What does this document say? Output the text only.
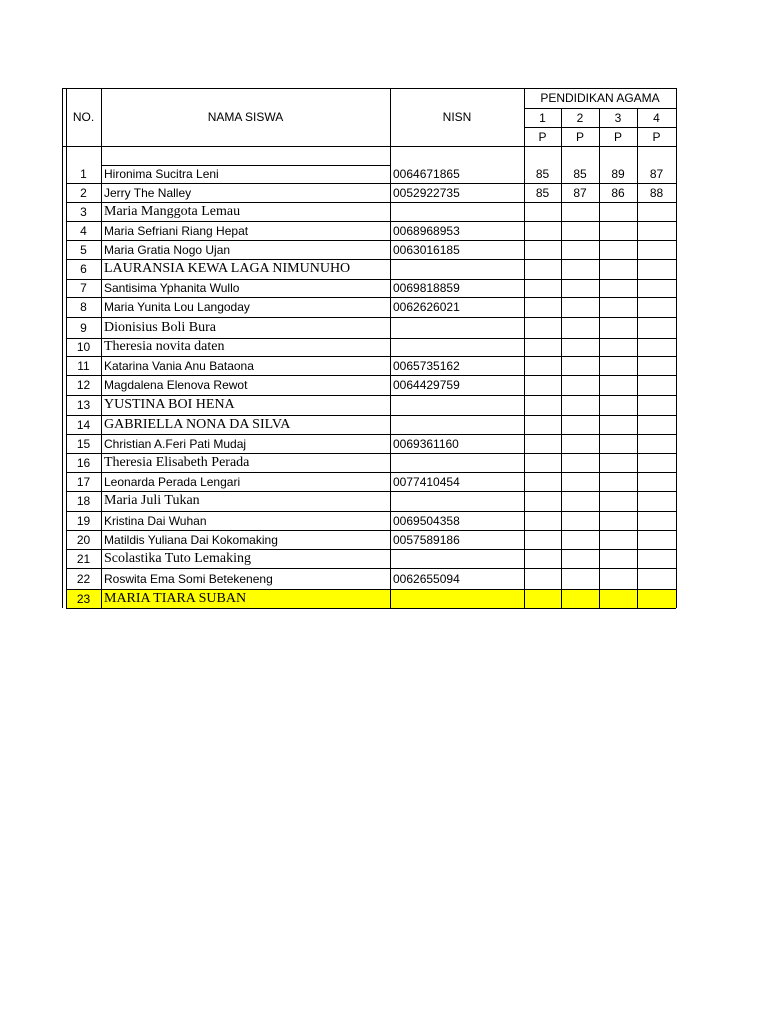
NO.	NAMA SISWA	NISN
PENDIDIKAN AGAMA
1	2	3	4
P	P	P	P
1	Hironima Sucitra Leni	0064671865	85	85	89	87
2	Jerry The Nalley	0052922735	85	87	86	88
3	Maria Manggota Lemau
4	Maria Sefriani Riang Hepat	0068968953
5	Maria Gratia Nogo Ujan	0063016185
6	LAURANSIA KEWA LAGA NIMUNUHO
7	Santisima Yphanita Wullo	0069818859
8	Maria Yunita Lou Langoday	0062626021
9	Dionisius Boli Bura
10 Theresia novita daten
11	Katarina Vania Anu Bataona	0065735162
12	Magdalena Elenova Rewot	0064429759
13 YUSTINA BOI HENA
14 GABRIELLA NONA DA SILVA
15	Christian A.Feri Pati Mudaj	0069361160
16 Theresia Elisabeth Perada
17	Leonarda Perada Lengari	0077410454
18 Maria Juli Tukan
19	Kristina Dai Wuhan	0069504358
20	Matildis Yuliana Dai Kokomaking	0057589186
21 Scolastika Tuto Lemaking
22	Roswita Ema Somi Betekeneng	0062655094
23 MARIA TIARA SUBAN
